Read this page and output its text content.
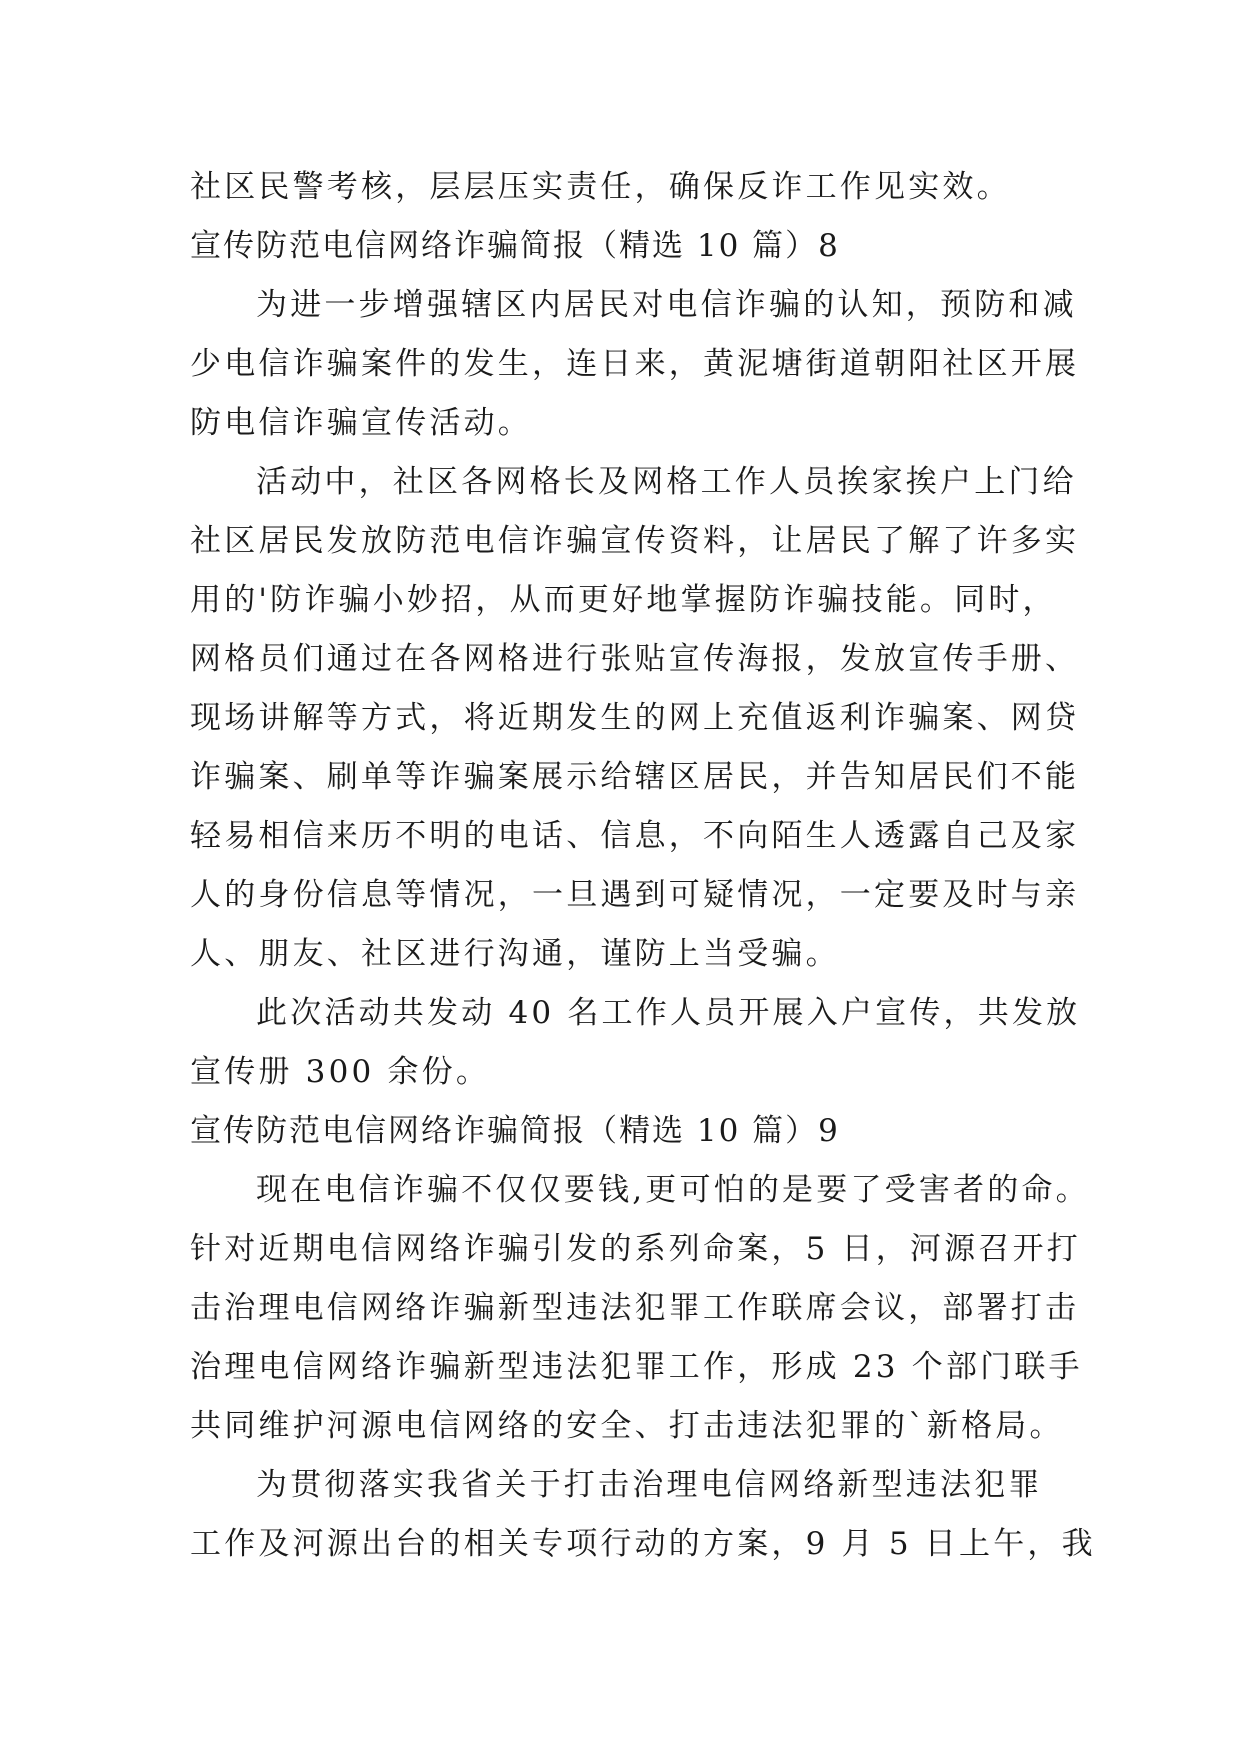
社区民警考核，层层压实责任，确保反诈工作见实效。
宣传防范电信网络诈骗简报（精选 10 篇）8
为进一步增强辖区内居民对电信诈骗的认知，预防和减
少电信诈骗案件的发生，连日来，黄泥塘街道朝阳社区开展
防电信诈骗宣传活动。
活动中，社区各网格长及网格工作人员挨家挨户上门给
社区居民发放防范电信诈骗宣传资料，让居民了解了许多实
用的'防诈骗小妙招，从而更好地掌握防诈骗技能。同时，
网格员们通过在各网格进行张贴宣传海报，发放宣传手册、
现场讲解等方式，将近期发生的网上充值返利诈骗案、网贷
诈骗案、刷单等诈骗案展示给辖区居民，并告知居民们不能
轻易相信来历不明的电话、信息，不向陌生人透露自己及家
人的身份信息等情况，一旦遇到可疑情况，一定要及时与亲
人、朋友、社区进行沟通，谨防上当受骗。
此次活动共发动 40 名工作人员开展入户宣传，共发放
宣传册 300 余份。
宣传防范电信网络诈骗简报（精选 10 篇）9
现在电信诈骗不仅仅要钱,更可怕的是要了受害者的命。
针对近期电信网络诈骗引发的系列命案，5 日，河源召开打
击治理电信网络诈骗新型违法犯罪工作联席会议，部署打击
治理电信网络诈骗新型违法犯罪工作，形成 23 个部门联手
共同维护河源电信网络的安全、打击违法犯罪的`新格局。
为贯彻落实我省关于打击治理电信网络新型违法犯罪
工作及河源出台的相关专项行动的方案，9 月 5 日上午，我
